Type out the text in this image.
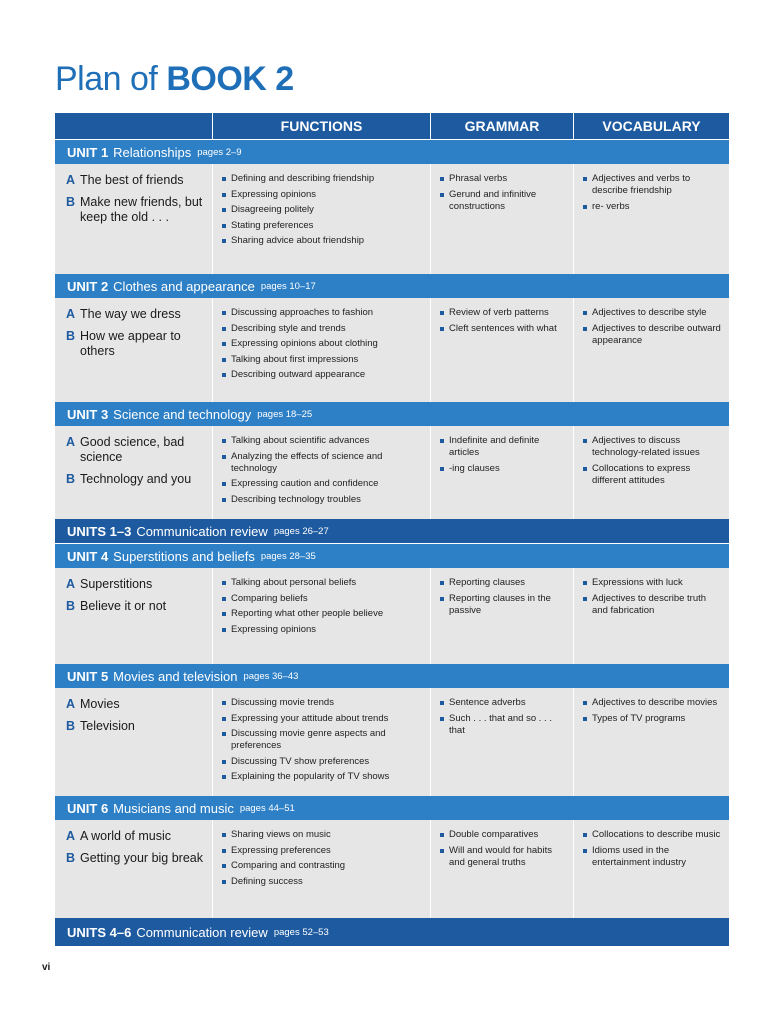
Plan of BOOK 2
FUNCTIONS	GRAMMAR	VOCABULARY
UNIT 1 Relationships pages 2–9
A The best of friends
B Make new friends, but keep the old . . .
Defining and describing friendship
Expressing opinions
Disagreeing politely
Stating preferences
Sharing advice about friendship
Phrasal verbs
Gerund and infinitive constructions
Adjectives and verbs to describe friendship
re- verbs
UNIT 2 Clothes and appearance pages 10–17
A The way we dress
B How we appear to others
Discussing approaches to fashion
Describing style and trends
Expressing opinions about clothing
Talking about first impressions
Describing outward appearance
Review of verb patterns
Cleft sentences with what
Adjectives to describe style
Adjectives to describe outward appearance
UNIT 3 Science and technology pages 18–25
A Good science, bad science
B Technology and you
Talking about scientific advances
Analyzing the effects of science and technology
Expressing caution and confidence
Describing technology troubles
Indefinite and definite articles
-ing clauses
Adjectives to discuss technology-related issues
Collocations to express different attitudes
UNITS 1–3 Communication review pages 26–27
UNIT 4 Superstitions and beliefs pages 28–35
A Superstitions
B Believe it or not
Talking about personal beliefs
Comparing beliefs
Reporting what other people believe
Expressing opinions
Reporting clauses
Reporting clauses in the passive
Expressions with luck
Adjectives to describe truth and fabrication
UNIT 5 Movies and television pages 36–43
A Movies
B Television
Discussing movie trends
Expressing your attitude about trends
Discussing movie genre aspects and preferences
Discussing TV show preferences
Explaining the popularity of TV shows
Sentence adverbs
Such . . . that and so . . . that
Adjectives to describe movies
Types of TV programs
UNIT 6 Musicians and music pages 44–51
A A world of music
B Getting your big break
Sharing views on music
Expressing preferences
Comparing and contrasting
Defining success
Double comparatives
Will and would for habits and general truths
Collocations to describe music
Idioms used in the entertainment industry
UNITS 4–6 Communication review pages 52–53
vi
